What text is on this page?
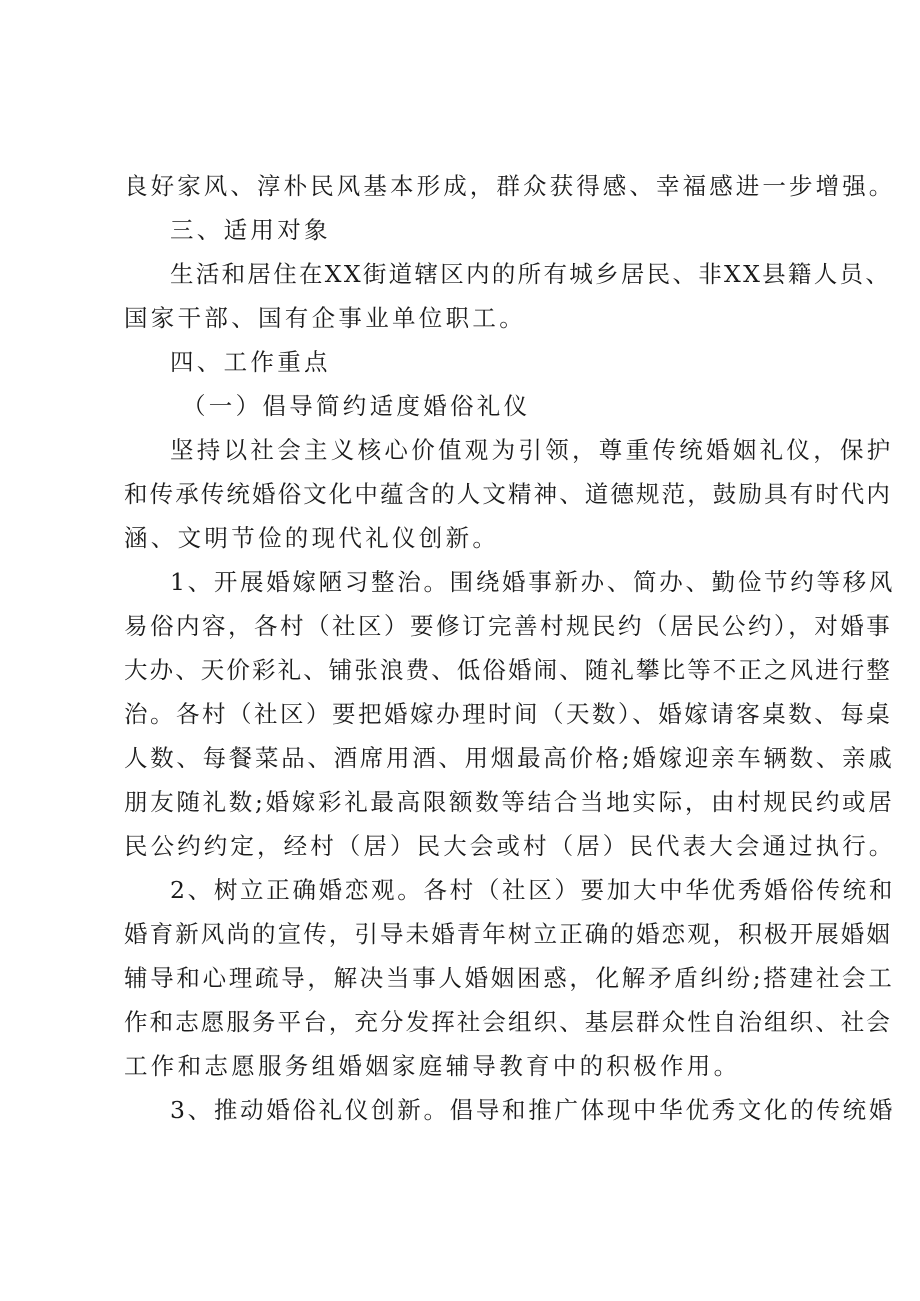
良好家风、淳朴民风基本形成，群众获得感、幸福感进一步增强。
三、适用对象
生活和居住在XX街道辖区内的所有城乡居民、非XX县籍人员、
国家干部、国有企事业单位职工。
四、工作重点
（一）倡导简约适度婚俗礼仪
坚持以社会主义核心价值观为引领，尊重传统婚姻礼仪，保护
和传承传统婚俗文化中蕴含的人文精神、道德规范，鼓励具有时代内
涵、文明节俭的现代礼仪创新。
1、开展婚嫁陋习整治。围绕婚事新办、简办、勤俭节约等移风
易俗内容，各村（社区）要修订完善村规民约（居民公约），对婚事
大办、天价彩礼、铺张浪费、低俗婚闹、随礼攀比等不正之风进行整
治。各村（社区）要把婚嫁办理时间（天数）、婚嫁请客桌数、每桌
人数、每餐菜品、酒席用酒、用烟最高价格;婚嫁迎亲车辆数、亲戚
朋友随礼数;婚嫁彩礼最高限额数等结合当地实际，由村规民约或居
民公约约定，经村（居）民大会或村（居）民代表大会通过执行。
2、树立正确婚恋观。各村（社区）要加大中华优秀婚俗传统和
婚育新风尚的宣传，引导未婚青年树立正确的婚恋观，积极开展婚姻
辅导和心理疏导，解决当事人婚姻困惑，化解矛盾纠纷;搭建社会工
作和志愿服务平台，充分发挥社会组织、基层群众性自治组织、社会
工作和志愿服务组婚姻家庭辅导教育中的积极作用。
3、推动婚俗礼仪创新。倡导和推广体现中华优秀文化的传统婚
